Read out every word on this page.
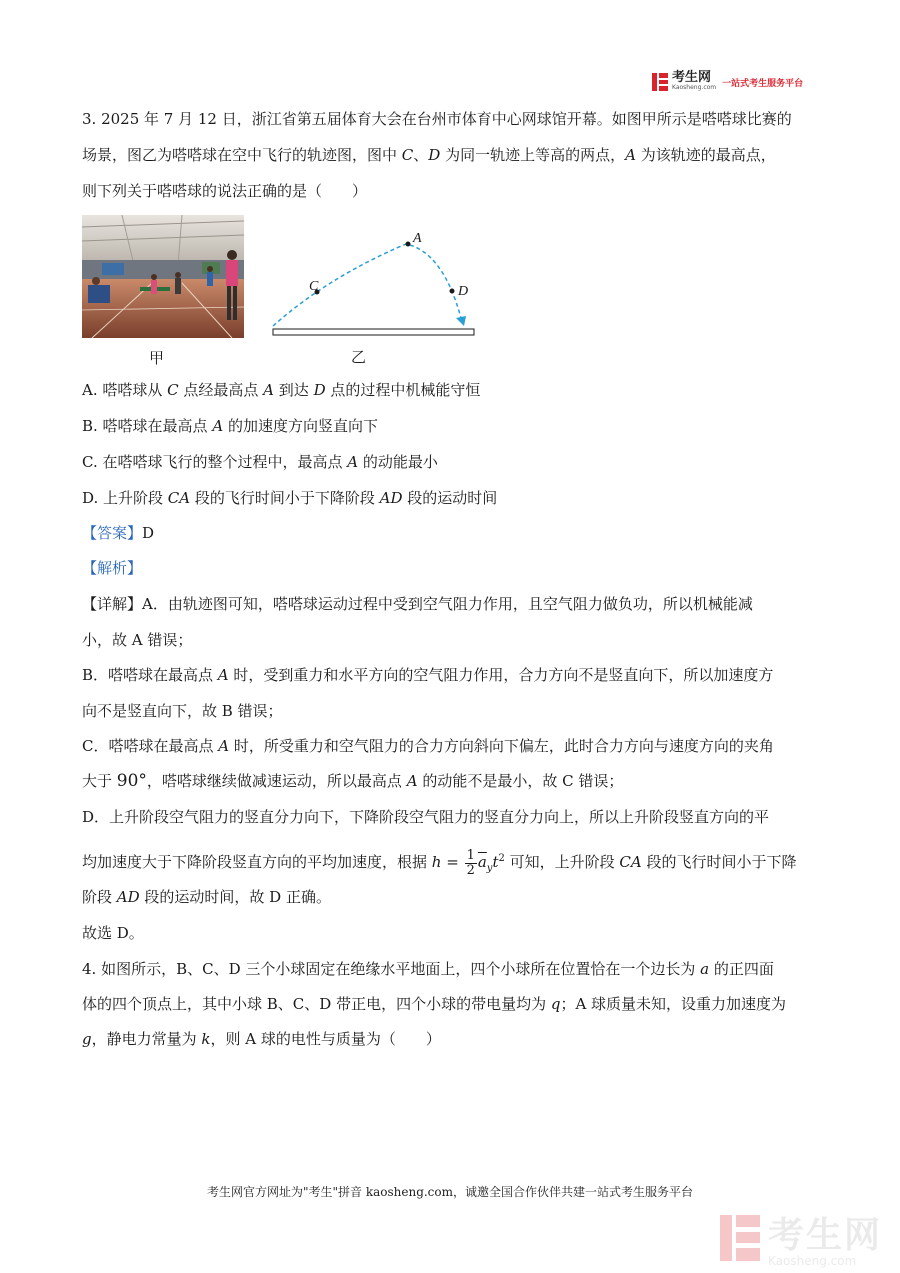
考生网
Kaosheng.com 一站式考生服务平台
3. 2025 年 7 月 12 日，浙江省第五届体育大会在台州市体育中心网球馆开幕。如图甲所示是嗒嗒球比赛的
场景，图乙为嗒嗒球在空中飞行的轨迹图，图中 C、D 为同一轨迹上等高的两点，A 为该轨迹的最高点，
则下列关于嗒嗒球的说法正确的是（　　）
甲
C
A
D
乙
A. 嗒嗒球从 C 点经最高点 A 到达 D 点的过程中机械能守恒
B. 嗒嗒球在最高点 A 的加速度方向竖直向下
C. 在嗒嗒球飞行的整个过程中，最高点 A 的动能最小
D. 上升阶段 CA 段的飞行时间小于下降阶段 AD 段的运动时间
【答案】D
【解析】
【详解】A．由轨迹图可知，嗒嗒球运动过程中受到空气阻力作用，且空气阻力做负功，所以机械能减
小，故 A 错误；
B．嗒嗒球在最高点 A 时，受到重力和水平方向的空气阻力作用，合力方向不是竖直向下，所以加速度方
向不是竖直向下，故 B 错误；
C．嗒嗒球在最高点 A 时，所受重力和空气阻力的合力方向斜向下偏左，此时合力方向与速度方向的夹角
大于 90°，嗒嗒球继续做减速运动，所以最高点 A 的动能不是最小，故 C 错误；
D．上升阶段空气阻力的竖直分力向下，下降阶段空气阻力的竖直分力向上，所以上升阶段竖直方向的平
均加速度大于下降阶段竖直方向的平均加速度，根据 $h = \frac{1}{2} \overline{a}_yt^2$ 可知，上升阶段 CA 段的飞行时间小于下降
阶段 AD 段的运动时间，故 D 正确。
故选 D。
4. 如图所示，B、C、D 三个小球固定在绝缘水平地面上，四个小球所在位置恰在一个边长为 a 的正四面
体的四个顶点上，其中小球 B、C、D 带正电，四个小球的带电量均为 q；A 球质量未知，设重力加速度为
g，静电力常量为 k，则 A 球的电性与质量为（　　）
考生网官方网址为"考生"拼音 kaosheng.com，诚邀全国合作伙伴共建一站式考生服务平台
考生网
Kaosheng.com
